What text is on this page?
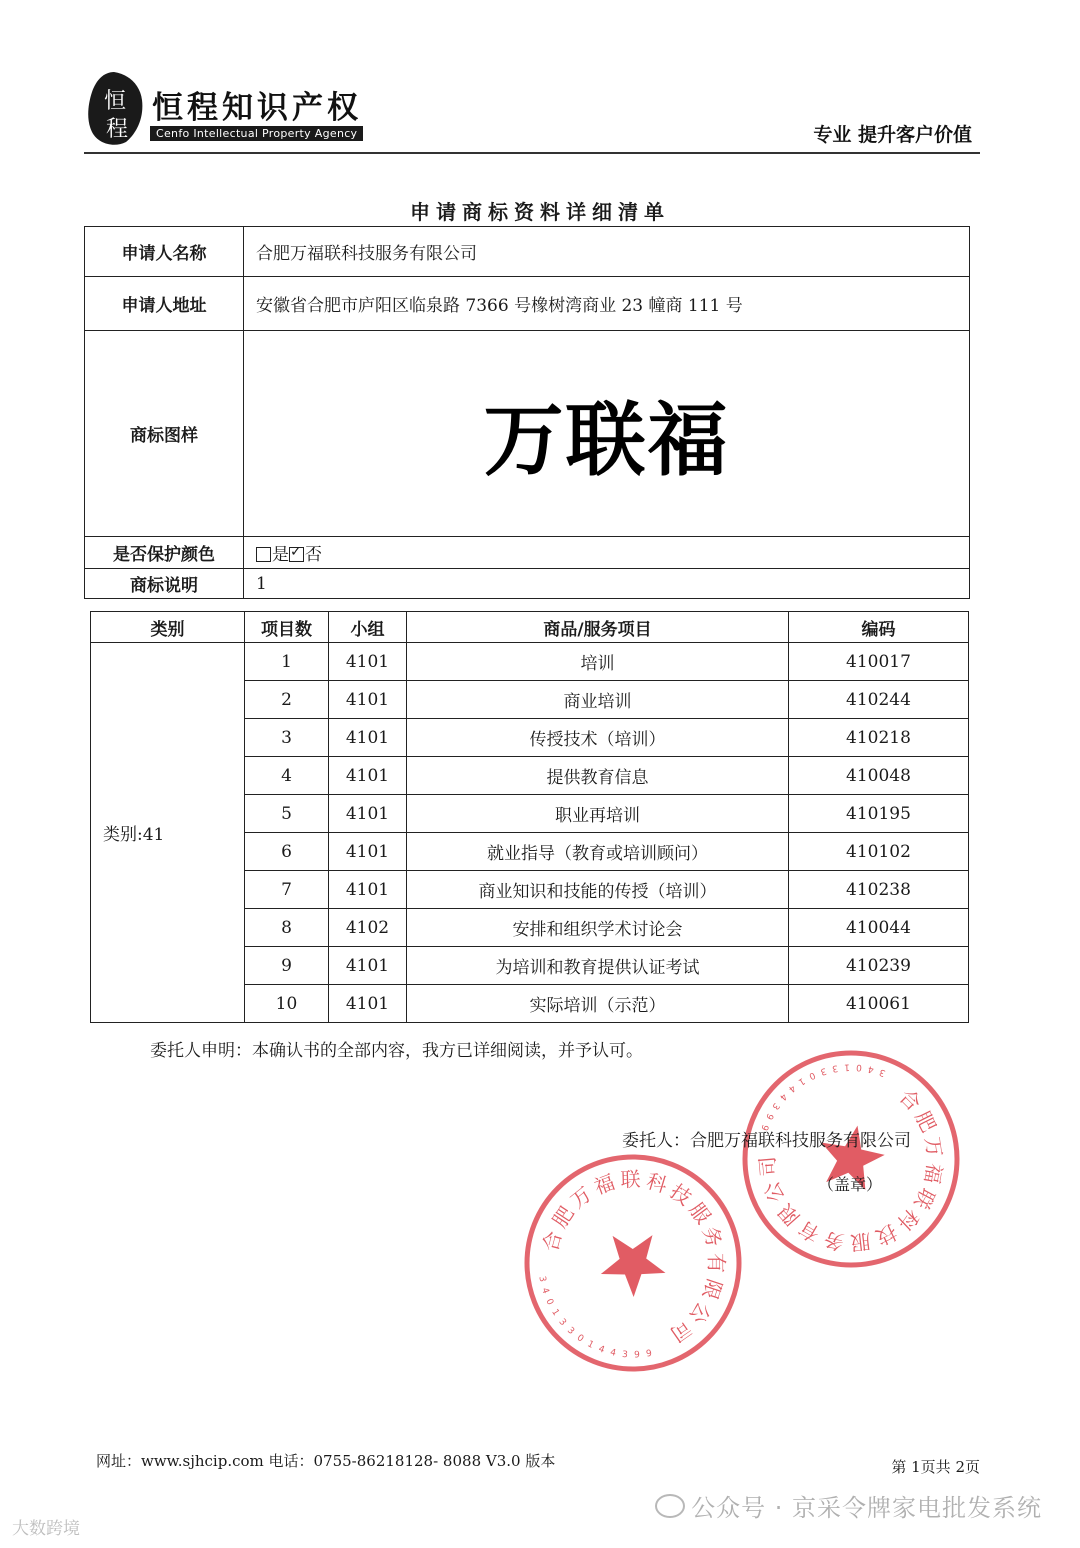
恒
程
恒程知识产权
Cenfo Intellectual Property Agency	专业 提升客户价值
申请商标资料详细清单
申请人名称	合肥万福联科技服务有限公司
申请人地址	安徽省合肥市庐阳区临泉路 7366 号橡树湾商业 23 幢商 111 号
商标图样	万联福
是否保护颜色	是 ✓ 否
商标说明	1
类别	项目数	小组	商品/服务项目	编码
类别:41	1	4101	培训	410017
	2	4101	商业培训	410244
	3	4101	传授技术（培训）	410218
	4	4101	提供教育信息	410048
	5	4101	职业再培训	410195
	6	4101	就业指导（教育或培训顾问）	410102
	7	4101	商业知识和技能的传授（培训）	410238
	8	4102	安排和组织学术讨论会	410044
	9	4101	为培训和教育提供认证考试	410239
	10	4101	实际培训（示范）	410061
委托人申明：本确认书的全部内容，我方已详细阅读，并予认可。
合
肥
万
福 联 科
技
服
务
有
限
公
司
3
4
0
1
3
3
0
1 4 4 3 9 9
合
肥
万
福
联
科
技
服
务
有
限
公
司
3
4
0
1
3
3
0
1
4
4
3
9
9
委托人：合肥万福联科技服务有限公司
（盖章）
网址：www.sjhcip.com 电话：0755-86218128- 8088 V3.0 版本	第 1页共 2页
大数跨境
公众号 · 京采令牌家电批发系统
